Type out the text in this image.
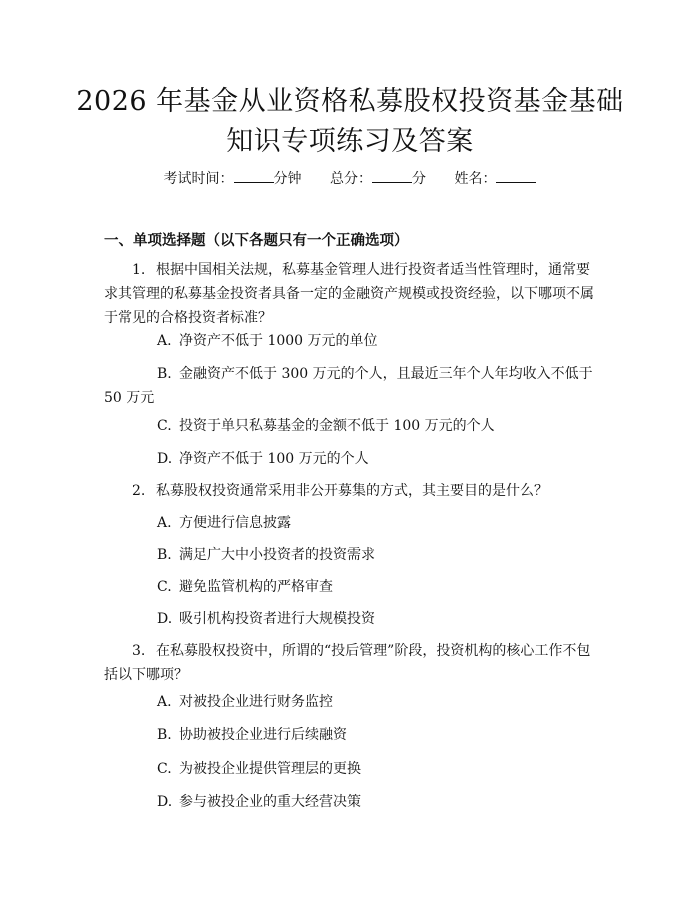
2026 年基金从业资格私募股权投资基金基础
知识专项练习及答案
考试时间：	分钟 总分：	分 姓名：
一、单项选择题（以下各题只有一个正确选项）
1. 根据中国相关法规，私募基金管理人进行投资者适当性管理时，通常要求其管理的私募基金投资者具备一定的金融资产规模或投资经验，以下哪项不属于常见的合格投资者标准？
A. 净资产不低于 1000 万元的单位
B. 金融资产不低于 300 万元的个人，且最近三年个人年均收入不低于 50 万元
C. 投资于单只私募基金的金额不低于 100 万元的个人
D. 净资产不低于 100 万元的个人
2. 私募股权投资通常采用非公开募集的方式，其主要目的是什么？
A. 方便进行信息披露
B. 满足广大中小投资者的投资需求
C. 避免监管机构的严格审查
D. 吸引机构投资者进行大规模投资
3. 在私募股权投资中，所谓的“投后管理”阶段，投资机构的核心工作不包括以下哪项？
A. 对被投企业进行财务监控
B. 协助被投企业进行后续融资
C. 为被投企业提供管理层的更换
D. 参与被投企业的重大经营决策
